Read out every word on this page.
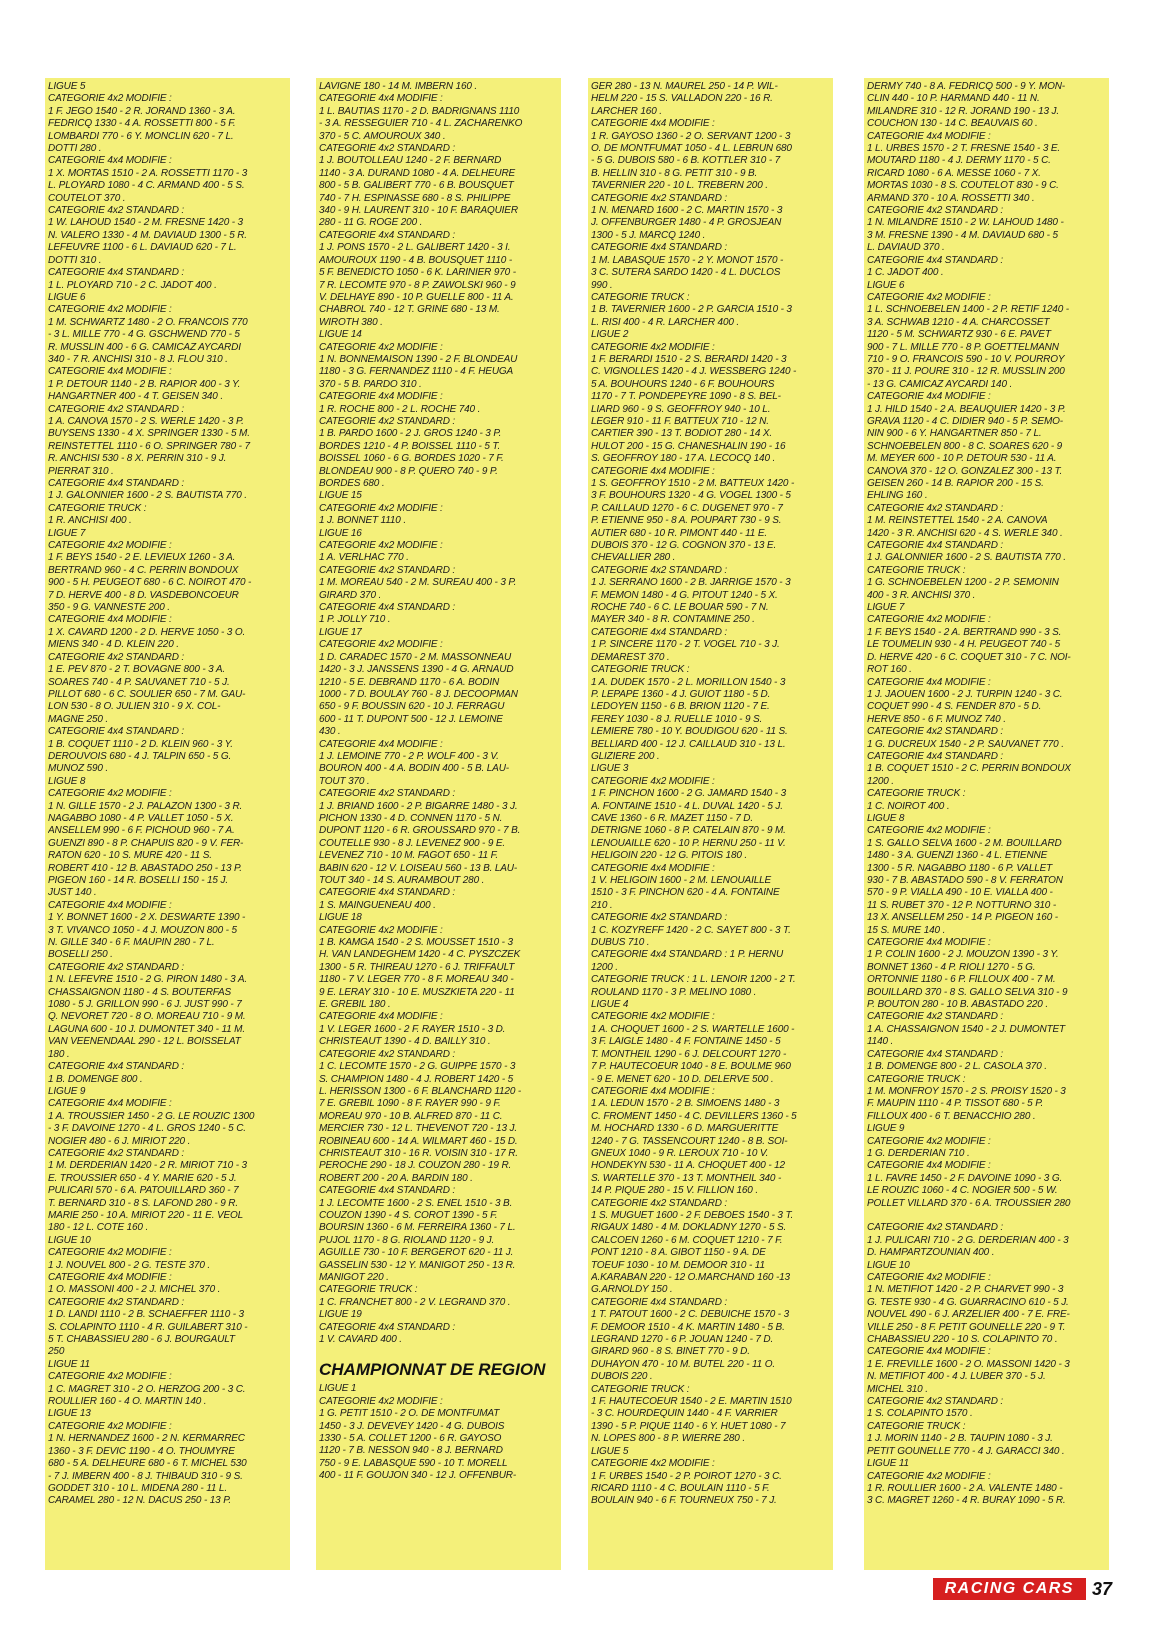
LIGUE 5
CATEGORIE 4x2 MODIFIE :
1 F. JEGO 1540 - 2 R. JORAND 1360 - 3 A.
FEDRICQ 1330 - 4 A. ROSSETTI 800 - 5 F.
LOMBARDI 770 - 6 Y. MONCLIN 620 - 7 L.
DOTTI 280 .
CATEGORIE 4x4 MODIFIE :
1 X. MORTAS 1510 - 2 A. ROSSETTI 1170 - 3
L. PLOYARD 1080 - 4 C. ARMAND 400 - 5 S.
COUTELOT 370 .
CATEGORIE 4x2 STANDARD :
1 W. LAHOUD 1540 - 2 M. FRESNE 1420 - 3
N. VALERO 1330 - 4 M. DAVIAUD 1300 - 5 R.
LEFEUVRE 1100 - 6 L. DAVIAUD 620 - 7 L.
DOTTI 310 .
CATEGORIE 4x4 STANDARD :
1 L. PLOYARD 710 - 2 C. JADOT 400 .
LIGUE 6
CATEGORIE 4x2 MODIFIE :
1 M. SCHWARTZ 1480 - 2 O. FRANCOIS 770
- 3 L. MILLE 770 - 4 G. GSCHWEND 770 - 5
R. MUSSLIN 400 - 6 G. CAMICAZ AYCARDI
340 - 7 R. ANCHISI 310 - 8 J. FLOU 310 .
CATEGORIE 4x4 MODIFIE :
1 P. DETOUR 1140 - 2 B. RAPIOR 400 - 3 Y.
HANGARTNER 400 - 4 T. GEISEN 340 .
CATEGORIE 4x2 STANDARD :
1 A. CANOVA 1570 - 2 S. WERLE 1420 - 3 P.
BUYSENS 1330 - 4 X. SPRINGER 1330 - 5 M.
REINSTETTEL 1110 - 6 O. SPRINGER 780 - 7
R. ANCHISI 530 - 8 X. PERRIN 310 - 9 J.
PIERRAT 310 .
CATEGORIE 4x4 STANDARD :
1 J. GALONNIER 1600 - 2 S. BAUTISTA 770 .
CATEGORIE TRUCK :
1 R. ANCHISI 400 .
LIGUE 7
CATEGORIE 4x2 MODIFIE :
1 F. BEYS 1540 - 2 E. LEVIEUX 1260 - 3 A.
BERTRAND 960 - 4 C. PERRIN BONDOUX
900 - 5 H. PEUGEOT 680 - 6 C. NOIROT 470 -
7 D. HERVE 400 - 8 D. VASDEBONCOEUR
350 - 9 G. VANNESTE 200 .
CATEGORIE 4x4 MODIFIE :
1 X. CAVARD 1200 - 2 D. HERVE 1050 - 3 O.
MIENS 340 - 4 D. KLEIN 220 .
CATEGORIE 4x2 STANDARD :
1 E. PEV 870 - 2 T. BOVAGNE 800 - 3 A.
SOARES 740 - 4 P. SAUVANET 710 - 5 J.
PILLOT 680 - 6 C. SOULIER 650 - 7 M. GAU-
LON 530 - 8 O. JULIEN 310 - 9 X. COL-
MAGNE 250 .
CATEGORIE 4x4 STANDARD :
1 B. COQUET 1110 - 2 D. KLEIN 960 - 3 Y.
DEROUVOIS 680 - 4 J. TALPIN 650 - 5 G.
MUNOZ 590 .
LIGUE 8
CATEGORIE 4x2 MODIFIE :
1 N. GILLE 1570 - 2 J. PALAZON 1300 - 3 R.
NAGABBO 1080 - 4 P. VALLET 1050 - 5 X.
ANSELLEM 990 - 6 F. PICHOUD 960 - 7 A.
GUENZI 890 - 8 P. CHAPUIS 820 - 9 V. FER-
RATON 620 - 10 S. MURE 420 - 11 S.
ROBERT 410 - 12 B. ABASTADO 250 - 13 P.
PIGEON 160 - 14 R. BOSELLI 150 - 15 J.
JUST 140 .
CATEGORIE 4x4 MODIFIE :
1 Y. BONNET 1600 - 2 X. DESWARTE 1390 -
3 T. VIVANCO 1050 - 4 J. MOUZON 800 - 5
N. GILLE 340 - 6 F. MAUPIN 280 - 7 L.
BOSELLI 250 .
CATEGORIE 4x2 STANDARD :
1 N. LEFEVRE 1510 - 2 G. PIRON 1480 - 3 A.
CHASSAIGNON 1180 - 4 S. BOUTERFAS
1080 - 5 J. GRILLON 990 - 6 J. JUST 990 - 7
Q. NEVORET 720 - 8 O. MOREAU 710 - 9 M.
LAGUNA 600 - 10 J. DUMONTET 340 - 11 M.
VAN VEENENDAAL 290 - 12 L. BOISSELAT
180 .
CATEGORIE 4x4 STANDARD :
1 B. DOMENGE 800 .
LIGUE 9
CATEGORIE 4x4 MODIFIE :
1 A. TROUSSIER 1450 - 2 G. LE ROUZIC 1300
- 3 F. DAVOINE 1270 - 4 L. GROS 1240 - 5 C.
NOGIER 480 - 6 J. MIRIOT 220 .
CATEGORIE 4x2 STANDARD :
1 M. DERDERIAN 1420 - 2 R. MIRIOT 710 - 3
E. TROUSSIER 650 - 4 Y. MARIE 620 - 5 J.
PULICARI 570 - 6 A. PATOUILLARD 360 - 7
T. BERNARD 310 - 8 S. LAFOND 280 - 9 R.
MARIE 250 - 10 A. MIRIOT 220 - 11 E. VEOL
180 - 12 L. COTE 160 .
LIGUE 10
CATEGORIE 4x2 MODIFIE :
1 J. NOUVEL 800 - 2 G. TESTE 370 .
CATEGORIE 4x4 MODIFIE :
1 O. MASSONI 400 - 2 J. MICHEL 370 .
CATEGORIE 4x2 STANDARD :
1 D. LANDI 1110 - 2 B. SCHAEFFER 1110 - 3
S. COLAPINTO 1110 - 4 R. GUILABERT 310 -
5 T. CHABASSIEU 280 - 6 J. BOURGAULT
250
LIGUE 11
CATEGORIE 4x2 MODIFIE :
1 C. MAGRET 310 - 2 O. HERZOG 200 - 3 C.
ROULLIER 160 - 4 O. MARTIN 140 .
LIGUE 13
CATEGORIE 4x2 MODIFIE :
1 N. HERNANDEZ 1600 - 2 N. KERMARREC
1360 - 3 F. DEVIC 1190 - 4 O. THOUMYRE
680 - 5 A. DELHEURE 680 - 6 T. MICHEL 530
- 7 J. IMBERN 400 - 8 J. THIBAUD 310 - 9 S.
GODDET 310 - 10 L. MIDENA 280 - 11 L.
CARAMEL 280 - 12 N. DACUS 250 - 13 P.
LAVIGNE 180 - 14 M. IMBERN 160 .
CATEGORIE 4x4 MODIFIE :
1 L. BAUTIAS 1170 - 2 D. BADRIGNANS 1110
- 3 A. RESSEGUIER 710 - 4 L. ZACHARENKO
370 - 5 C. AMOUROUX 340 .
CATEGORIE 4x2 STANDARD :
1 J. BOUTOLLEAU 1240 - 2 F. BERNARD
1140 - 3 A. DURAND 1080 - 4 A. DELHEURE
800 - 5 B. GALIBERT 770 - 6 B. BOUSQUET
740 - 7 H. ESPINASSE 680 - 8 S. PHILIPPE
340 - 9 H. LAURENT 310 - 10 F. BARAQUIER
280 - 11 G. ROGE 200 .
CATEGORIE 4x4 STANDARD :
1 J. PONS 1570 - 2 L. GALIBERT 1420 - 3 I.
AMOUROUX 1190 - 4 B. BOUSQUET 1110 -
5 F. BENEDICTO 1050 - 6 K. LARINIER 970 -
7 R. LECOMTE 970 - 8 P. ZAWOLSKI 960 - 9
V. DELHAYE 890 - 10 P. GUELLE 800 - 11 A.
CHABROL 740 - 12 T. GRINE 680 - 13 M.
WIROTH 380 .
LIGUE 14
CATEGORIE 4x2 MODIFIE :
1 N. BONNEMAISON 1390 - 2 F. BLONDEAU
1180 - 3 G. FERNANDEZ 1110 - 4 F. HEUGA
370 - 5 B. PARDO 310 .
CATEGORIE 4x4 MODIFIE :
1 R. ROCHE 800 - 2 L. ROCHE 740 .
CATEGORIE 4x2 STANDARD :
1 B. PARDO 1600 - 2 J. GROS 1240 - 3 P.
BORDES 1210 - 4 P. BOISSEL 1110 - 5 T.
BOISSEL 1060 - 6 G. BORDES 1020 - 7 F.
BLONDEAU 900 - 8 P. QUERO 740 - 9 P.
BORDES 680 .
LIGUE 15
CATEGORIE 4x2 MODIFIE :
1 J. BONNET 1110 .
LIGUE 16
CATEGORIE 4x2 MODIFIE :
1 A. VERLHAC 770 .
CATEGORIE 4x2 STANDARD :
1 M. MOREAU 540 - 2 M. SUREAU 400 - 3 P.
GIRARD 370 .
CATEGORIE 4x4 STANDARD :
1 P. JOLLY 710 .
LIGUE 17
CATEGORIE 4x2 MODIFIE :
1 D. CARADEC 1570 - 2 M. MASSONNEAU
1420 - 3 J. JANSSENS 1390 - 4 G. ARNAUD
1210 - 5 E. DEBRAND 1170 - 6 A. BODIN
1000 - 7 D. BOULAY 760 - 8 J. DECOOPMAN
650 - 9 F. BOUSSIN 620 - 10 J. FERRAGU
600 - 11 T. DUPONT 500 - 12 J. LEMOINE
430 .
CATEGORIE 4x4 MODIFIE :
1 J. LEMOINE 770 - 2 P. WOLF 400 - 3 V.
BOURON 400 - 4 A. BODIN 400 - 5 B. LAU-
TOUT 370 .
CATEGORIE 4x2 STANDARD :
1 J. BRIAND 1600 - 2 P. BIGARRE 1480 - 3 J.
PICHON 1330 - 4 D. CONNEN 1170 - 5 N.
DUPONT 1120 - 6 R. GROUSSARD 970 - 7 B.
COUTELLE 930 - 8 J. LEVENEZ 900 - 9 E.
LEVENEZ 710 - 10 M. FAGOT 650 - 11 F.
BABIN 620 - 12 V. LOISEAU 560 - 13 B. LAU-
TOUT 340 - 14 S. AURAMBOUT 280 .
CATEGORIE 4x4 STANDARD :
1 S. MAINGUENEAU 400 .
LIGUE 18
CATEGORIE 4x2 MODIFIE :
1 B. KAMGA 1540 - 2 S. MOUSSET 1510 - 3
H. VAN LANDEGHEM 1420 - 4 C. PYSZCZEK
1300 - 5 R. THIREAU 1270 - 6 J. TRIFFAULT
1180 - 7 V. LEGER 770 - 8 F. MOREAU 340 -
9 E. LERAY 310 - 10 E. MUSZKIETA 220 - 11
E. GREBIL 180 .
CATEGORIE 4x4 MODIFIE :
1 V. LEGER 1600 - 2 F. RAYER 1510 - 3 D.
CHRISTEAUT 1390 - 4 D. BAILLY 310 .
CATEGORIE 4x2 STANDARD :
1 C. LECOMTE 1570 - 2 G. GUIPPE 1570 - 3
S. CHAMPION 1480 - 4 J. ROBERT 1420 - 5
L. HERISSON 1300 - 6 F. BLANCHARD 1120 -
7 E. GREBIL 1090 - 8 F. RAYER 990 - 9 F.
MOREAU 970 - 10 B. ALFRED 870 - 11 C.
MERCIER 730 - 12 L. THEVENOT 720 - 13 J.
ROBINEAU 600 - 14 A. WILMART 460 - 15 D.
CHRISTEAUT 310 - 16 R. VOISIN 310 - 17 R.
PEROCHE 290 - 18 J. COUZON 280 - 19 R.
ROBERT 200 - 20 A. BARDIN 180 .
CATEGORIE 4x4 STANDARD :
1 J. LECOMTE 1600 - 2 S. ENEL 1510 - 3 B.
COUZON 1390 - 4 S. COROT 1390 - 5 F.
BOURSIN 1360 - 6 M. FERREIRA 1360 - 7 L.
PUJOL 1170 - 8 G. RIOLAND 1120 - 9 J.
AGUILLE 730 - 10 F. BERGEROT 620 - 11 J.
GASSELIN 530 - 12 Y. MANIGOT 250 - 13 R.
MANIGOT 220 .
CATEGORIE TRUCK :
1 C. FRANCHET 800 - 2 V. LEGRAND 370 .
LIGUE 19
CATEGORIE 4x4 STANDARD :
1 V. CAVARD 400 .
CHAMPIONNAT DE REGION
LIGUE 1
CATEGORIE 4x2 MODIFIE :
1 G. PETIT 1510 - 2 O. DE MONTFUMAT
1450 - 3 J. DEVEVEY 1420 - 4 G. DUBOIS
1330 - 5 A. COLLET 1200 - 6 R. GAYOSO
1120 - 7 B. NESSON 940 - 8 J. BERNARD
750 - 9 E. LABASQUE 590 - 10 T. MORELL
400 - 11 F. GOUJON 340 - 12 J. OFFENBUR-
GER 280 - 13 N. MAUREL 250 - 14 P. WIL-
HELM 220 - 15 S. VALLADON 220 - 16 R.
LARCHER 160 .
CATEGORIE 4x4 MODIFIE :
1 R. GAYOSO 1360 - 2 O. SERVANT 1200 - 3
O. DE MONTFUMAT 1050 - 4 L. LEBRUN 680
- 5 G. DUBOIS 580 - 6 B. KOTTLER 310 - 7
B. HELLIN 310 - 8 G. PETIT 310 - 9 B.
TAVERNIER 220 - 10 L. TREBERN 200 .
CATEGORIE 4x2 STANDARD :
1 N. MENARD 1600 - 2 C. MARTIN 1570 - 3
J. OFFENBURGER 1480 - 4 P. GROSJEAN
1300 - 5 J. MARCQ 1240 .
CATEGORIE 4x4 STANDARD :
1 M. LABASQUE 1570 - 2 Y. MONOT 1570 -
3 C. SUTERA SARDO 1420 - 4 L. DUCLOS
990 .
CATEGORIE TRUCK :
1 B. TAVERNIER 1600 - 2 P. GARCIA 1510 - 3
L. RISI 400 - 4 R. LARCHER 400 .
LIGUE 2
CATEGORIE 4x2 MODIFIE :
1 F. BERARDI 1510 - 2 S. BERARDI 1420 - 3
C. VIGNOLLES 1420 - 4 J. WESSBERG 1240 -
5 A. BOUHOURS 1240 - 6 F. BOUHOURS
1170 - 7 T. PONDEPEYRE 1090 - 8 S. BEL-
LIARD 960 - 9 S. GEOFFROY 940 - 10 L.
LEGER 910 - 11 F. BATTEUX 710 - 12 N.
CARTIER 390 - 13 T. BODIOT 280 - 14 X.
HULOT 200 - 15 G. CHANESHALIN 190 - 16
S. GEOFFROY 180 - 17 A. LECOCQ 140 .
CATEGORIE 4x4 MODIFIE :
1 S. GEOFFROY 1510 - 2 M. BATTEUX 1420 -
3 F. BOUHOURS 1320 - 4 G. VOGEL 1300 - 5
P. CAILLAUD 1270 - 6 C. DUGENET 970 - 7
P. ETIENNE 950 - 8 A. POUPART 730 - 9 S.
AUTIER 680 - 10 R. PIMONT 440 - 11 E.
DUBOIS 370 - 12 G. COGNON 370 - 13 E.
CHEVALLIER 280 .
CATEGORIE 4x2 STANDARD :
1 J. SERRANO 1600 - 2 B. JARRIGE 1570 - 3
F. MEMON 1480 - 4 G. PITOUT 1240 - 5 X.
ROCHE 740 - 6 C. LE BOUAR 590 - 7 N.
MAYER 340 - 8 R. CONTAMINE 250 .
CATEGORIE 4x4 STANDARD :
1 P. SINCERE 1170 - 2 T. VOGEL 710 - 3 J.
DEMAREST 370 .
CATEGORIE TRUCK :
1 A. DUDEK 1570 - 2 L. MORILLON 1540 - 3
P. LEPAPE 1360 - 4 J. GUIOT 1180 - 5 D.
LEDOYEN 1150 - 6 B. BRION 1120 - 7 E.
FEREY 1030 - 8 J. RUELLE 1010 - 9 S.
LEMIERE 780 - 10 Y. BOUDIGOU 620 - 11 S.
BELLIARD 400 - 12 J. CAILLAUD 310 - 13 L.
GLIZIERE 200 .
LIGUE 3
CATEGORIE 4x2 MODIFIE :
1 F. PINCHON 1600 - 2 G. JAMARD 1540 - 3
A. FONTAINE 1510 - 4 L. DUVAL 1420 - 5 J.
CAVE 1360 - 6 R. MAZET 1150 - 7 D.
DETRIGNE 1060 - 8 P. CATELAIN 870 - 9 M.
LENOUAILLE 620 - 10 P. HERNU 250 - 11 V.
HELIGOIN 220 - 12 G. PITOIS 180 .
CATEGORIE 4x4 MODIFIE :
1 V. HELIGOIN 1600 - 2 M. LENOUAILLE
1510 - 3 F. PINCHON 620 - 4 A. FONTAINE
210 .
CATEGORIE 4x2 STANDARD :
1 C. KOZYREFF 1420 - 2 C. SAYET 800 - 3 T.
DUBUS 710 .
CATEGORIE 4x4 STANDARD : 1 P. HERNU
1200 .
CATEGORIE TRUCK : 1 L. LENOIR 1200 - 2 T.
ROULAND 1170 - 3 P. MELINO 1080 .
LIGUE 4
CATEGORIE 4x2 MODIFIE :
1 A. CHOQUET 1600 - 2 S. WARTELLE 1600 -
3 F. LAIGLE 1480 - 4 F. FONTAINE 1450 - 5
T. MONTHEIL 1290 - 6 J. DELCOURT 1270 -
7 P. HAUTECOEUR 1040 - 8 E. BOULME 960
- 9 E. MENET 620 - 10 D. DELERVE 500 .
CATEGORIE 4x4 MODIFIE :
1 A. LEDUN 1570 - 2 B. SIMOENS 1480 - 3
C. FROMENT 1450 - 4 C. DEVILLERS 1360 - 5
M. HOCHARD 1330 - 6 D. MARGUERITTE
1240 - 7 G. TASSENCOURT 1240 - 8 B. SOI-
GNEUX 1040 - 9 R. LEROUX 710 - 10 V.
HONDEKYN 530 - 11 A. CHOQUET 400 - 12
S. WARTELLE 370 - 13 T. MONTHEIL 340 -
14 P. PIQUE 280 - 15 V. FILLION 160 .
CATEGORIE 4x2 STANDARD :
1 S. MUGUET 1600 - 2 F. DEBOES 1540 - 3 T.
RIGAUX 1480 - 4 M. DOKLADNY 1270 - 5 S.
CALCOEN 1260 - 6 M. COQUET 1210 - 7 F.
PONT 1210 - 8 A. GIBOT 1150 - 9 A. DE
TOEUF 1030 - 10 M. DEMOOR 310 - 11
A.KARABAN 220 - 12 O.MARCHAND 160 -13
G.ARNOLDY 150 .
CATEGORIE 4x4 STANDARD :
1 T. PATOUT 1600 - 2 C. DEBUICHE 1570 - 3
F. DEMOOR 1510 - 4 K. MARTIN 1480 - 5 B.
LEGRAND 1270 - 6 P. JOUAN 1240 - 7 D.
GIRARD 960 - 8 S. BINET 770 - 9 D.
DUHAYON 470 - 10 M. BUTEL 220 - 11 O.
DUBOIS 220 .
CATEGORIE TRUCK :
1 F. HAUTECOEUR 1540 - 2 E. MARTIN 1510
- 3 C. HOURDEQUIN 1440 - 4 F. VARRIER
1390 - 5 P. PIQUE 1140 - 6 Y. HUET 1080 - 7
N. LOPES 800 - 8 P. WIERRE 280 .
LIGUE 5
CATEGORIE 4x2 MODIFIE :
1 F. URBES 1540 - 2 P. POIROT 1270 - 3 C.
RICARD 1110 - 4 C. BOULAIN 1110 - 5 F.
BOULAIN 940 - 6 F. TOURNEUX 750 - 7 J.
DERMY 740 - 8 A. FEDRICQ 500 - 9 Y. MON-
CLIN 440 - 10 P. HARMAND 440 - 11 N.
MILANDRE 310 - 12 R. JORAND 190 - 13 J.
COUCHON 130 - 14 C. BEAUVAIS 60 .
CATEGORIE 4x4 MODIFIE :
1 L. URBES 1570 - 2 T. FRESNE 1540 - 3 E.
MOUTARD 1180 - 4 J. DERMY 1170 - 5 C.
RICARD 1080 - 6 A. MESSE 1060 - 7 X.
MORTAS 1030 - 8 S. COUTELOT 830 - 9 C.
ARMAND 370 - 10 A. ROSSETTI 340 .
CATEGORIE 4x2 STANDARD :
1 N. MILANDRE 1510 - 2 W. LAHOUD 1480 -
3 M. FRESNE 1390 - 4 M. DAVIAUD 680 - 5
L. DAVIAUD 370 .
CATEGORIE 4x4 STANDARD :
1 C. JADOT 400 .
LIGUE 6
CATEGORIE 4x2 MODIFIE :
1 L. SCHNOEBELEN 1400 - 2 P. RETIF 1240 -
3 A. SCHWAB 1210 - 4 A. CHARCOSSET
1120 - 5 M. SCHWARTZ 930 - 6 E. PAVET
900 - 7 L. MILLE 770 - 8 P. GOETTELMANN
710 - 9 O. FRANCOIS 590 - 10 V. POURROY
370 - 11 J. POURE 310 - 12 R. MUSSLIN 200
- 13 G. CAMICAZ AYCARDI 140 .
CATEGORIE 4x4 MODIFIE :
1 J. HILD 1540 - 2 A. BEAUQUIER 1420 - 3 P.
GRAVA 1120 - 4 C. DIDIER 940 - 5 P. SEMO-
NIN 900 - 6 Y. HANGARTNER 850 - 7 L.
SCHNOEBELEN 800 - 8 C. SOARES 620 - 9
M. MEYER 600 - 10 P. DETOUR 530 - 11 A.
CANOVA 370 - 12 O. GONZALEZ 300 - 13 T.
GEISEN 260 - 14 B. RAPIOR 200 - 15 S.
EHLING 160 .
CATEGORIE 4x2 STANDARD :
1 M. REINSTETTEL 1540 - 2 A. CANOVA
1420 - 3 R. ANCHISI 620 - 4 S. WERLE 340 .
CATEGORIE 4x4 STANDARD :
1 J. GALONNIER 1600 - 2 S. BAUTISTA 770 .
CATEGORIE TRUCK :
1 G. SCHNOEBELEN 1200 - 2 P. SEMONIN
400 - 3 R. ANCHISI 370 .
LIGUE 7
CATEGORIE 4x2 MODIFIE :
1 F. BEYS 1540 - 2 A. BERTRAND 990 - 3 S.
LE TOUMELIN 930 - 4 H. PEUGEOT 740 - 5
D. HERVE 420 - 6 C. COQUET 310 - 7 C. NOI-
ROT 160 .
CATEGORIE 4x4 MODIFIE :
1 J. JAOUEN 1600 - 2 J. TURPIN 1240 - 3 C.
COQUET 990 - 4 S. FENDER 870 - 5 D.
HERVE 850 - 6 F. MUNOZ 740 .
CATEGORIE 4x2 STANDARD :
1 G. DUCREUX 1540 - 2 P. SAUVANET 770 .
CATEGORIE 4x4 STANDARD :
1 B. COQUET 1510 - 2 C. PERRIN BONDOUX
1200 .
CATEGORIE TRUCK :
1 C. NOIROT 400 .
LIGUE 8
CATEGORIE 4x2 MODIFIE :
1 S. GALLO SELVA 1600 - 2 M. BOUILLARD
1480 - 3 A. GUENZI 1360 - 4 L. ETIENNE
1300 - 5 R. NAGABBO 1180 - 6 P. VALLET
930 - 7 B. ABASTADO 590 - 8 V. FERRATON
570 - 9 P. VIALLA 490 - 10 E. VIALLA 400 -
11 S. RUBET 370 - 12 P. NOTTURNO 310 -
13 X. ANSELLEM 250 - 14 P. PIGEON 160 -
15 S. MURE 140 .
CATEGORIE 4x4 MODIFIE :
1 P. COLIN 1600 - 2 J. MOUZON 1390 - 3 Y.
BONNET 1360 - 4 P. RIOLI 1270 - 5 G.
ORTONNIE 1180 - 6 P. FILLOUX 400 - 7 M.
BOUILLARD 370 - 8 S. GALLO SELVA 310 - 9
P. BOUTON 280 - 10 B. ABASTADO 220 .
CATEGORIE 4x2 STANDARD :
1 A. CHASSAIGNON 1540 - 2 J. DUMONTET
1140 .
CATEGORIE 4x4 STANDARD :
1 B. DOMENGE 800 - 2 L. CASOLA 370 .
CATEGORIE TRUCK :
1 M. MONFROY 1570 - 2 S. PROISY 1520 - 3
F. MAUPIN 1110 - 4 P. TISSOT 680 - 5 P.
FILLOUX 400 - 6 T. BENACCHIO 280 .
LIGUE 9
CATEGORIE 4x2 MODIFIE :
1 G. DERDERIAN 710 .
CATEGORIE 4x4 MODIFIE :
1 L. FAVRE 1450 - 2 F. DAVOINE 1090 - 3 G.
LE ROUZIC 1060 - 4 C. NOGIER 500 - 5 W.
POLLET VILLARD 370 - 6 A. TROUSSIER 280

CATEGORIE 4x2 STANDARD :
1 J. PULICARI 710 - 2 G. DERDERIAN 400 - 3
D. HAMPARTZOUNIAN 400 .
LIGUE 10
CATEGORIE 4x2 MODIFIE :
1 N. METIFIOT 1420 - 2 P. CHARVET 990 - 3
G. TESTE 930 - 4 G. GUARRACINO 610 - 5 J.
NOUVEL 490 - 6 J. ARZELIER 400 - 7 E. FRE-
VILLE 250 - 8 F. PETIT GOUNELLE 220 - 9 T.
CHABASSIEU 220 - 10 S. COLAPINTO 70 .
CATEGORIE 4x4 MODIFIE :
1 E. FREVILLE 1600 - 2 O. MASSONI 1420 - 3
N. METIFIOT 400 - 4 J. LUBER 370 - 5 J.
MICHEL 310 .
CATEGORIE 4x2 STANDARD :
1 S. COLAPINTO 1570 .
CATEGORIE TRUCK :
1 J. MORIN 1140 - 2 B. TAUPIN 1080 - 3 J.
PETIT GOUNELLE 770 - 4 J. GARACCI 340 .
LIGUE 11
CATEGORIE 4x2 MODIFIE :
1 R. ROULLIER 1600 - 2 A. VALENTE 1480 -
3 C. MAGRET 1260 - 4 R. BURAY 1090 - 5 R.
RACING CARS	37
